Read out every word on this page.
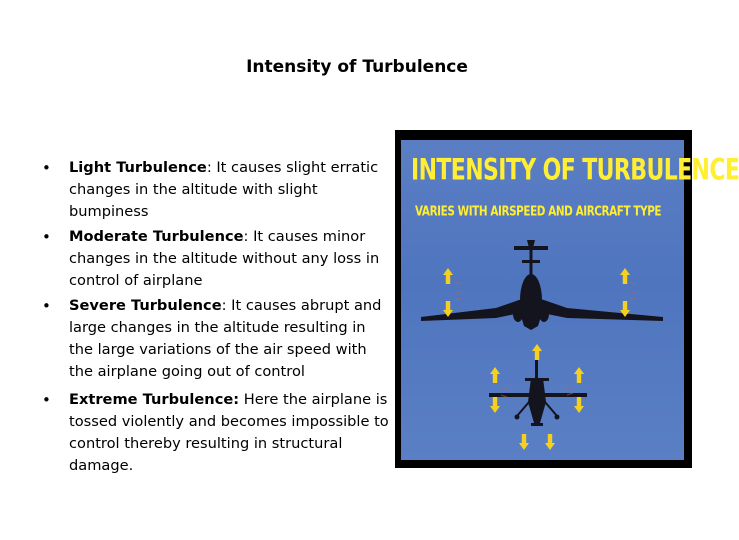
Intensity of Turbulence
• Light Turbulence: It causes slight erratic changes in the altitude with slight bumpiness
• Moderate Turbulence: It causes minor changes in the altitude without any loss in control of airplane
• Severe Turbulence: It causes abrupt and large changes in the altitude resulting in the large variations of the air speed with the airplane going out of control
• Extreme Turbulence: Here the airplane is tossed violently and becomes impossible to control thereby resulting in structural damage.
INTENSITY OF TURBULENCE
VARIES WITH AIRSPEED AND AIRCRAFT TYPE
